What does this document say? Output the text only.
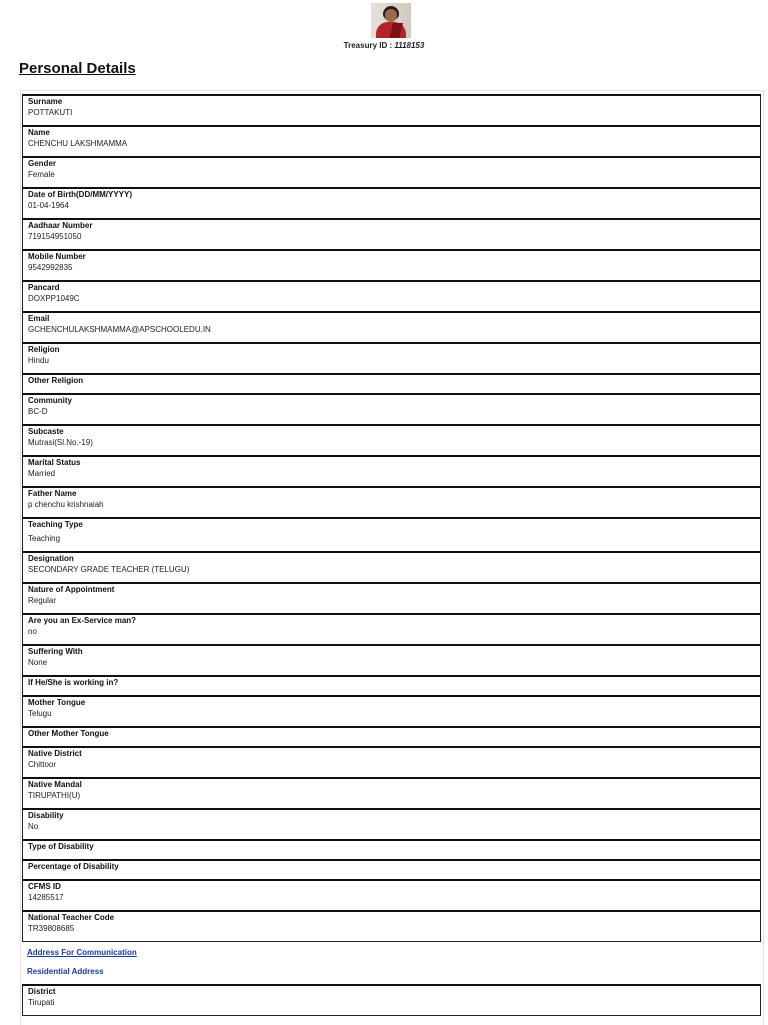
Treasury ID : 1118153
Personal Details
Surname
POTTAKUTI
Name
CHENCHU LAKSHMAMMA
Gender
Female
Date of Birth(DD/MM/YYYY)
01-04-1964
Aadhaar Number
719154951050
Mobile Number
9542992835
Pancard
DOXPP1049C
Email
GCHENCHULAKSHMAMMA@APSCHOOLEDU.IN
Religion
Hindu
Other Religion
Community
BC-D
Subcaste
Mutrasi(Sl.No.-19)
Marital Status
Married
Father Name
p chenchu krishnaiah
Teaching Type
Teaching
Designation
SECONDARY GRADE TEACHER (TELUGU)
Nature of Appointment
Regular
Are you an Ex-Service man?
no
Suffering With
None
If He/She is working in?
Mother Tongue
Telugu
Other Mother Tongue
Native District
Chittoor
Native Mandal
TIRUPATHI(U)
Disability
No
Type of Disability
Percentage of Disability
CFMS ID
14285517
National Teacher Code
TR39808685
Address For Communication
Residential Address
District
Tirupati
